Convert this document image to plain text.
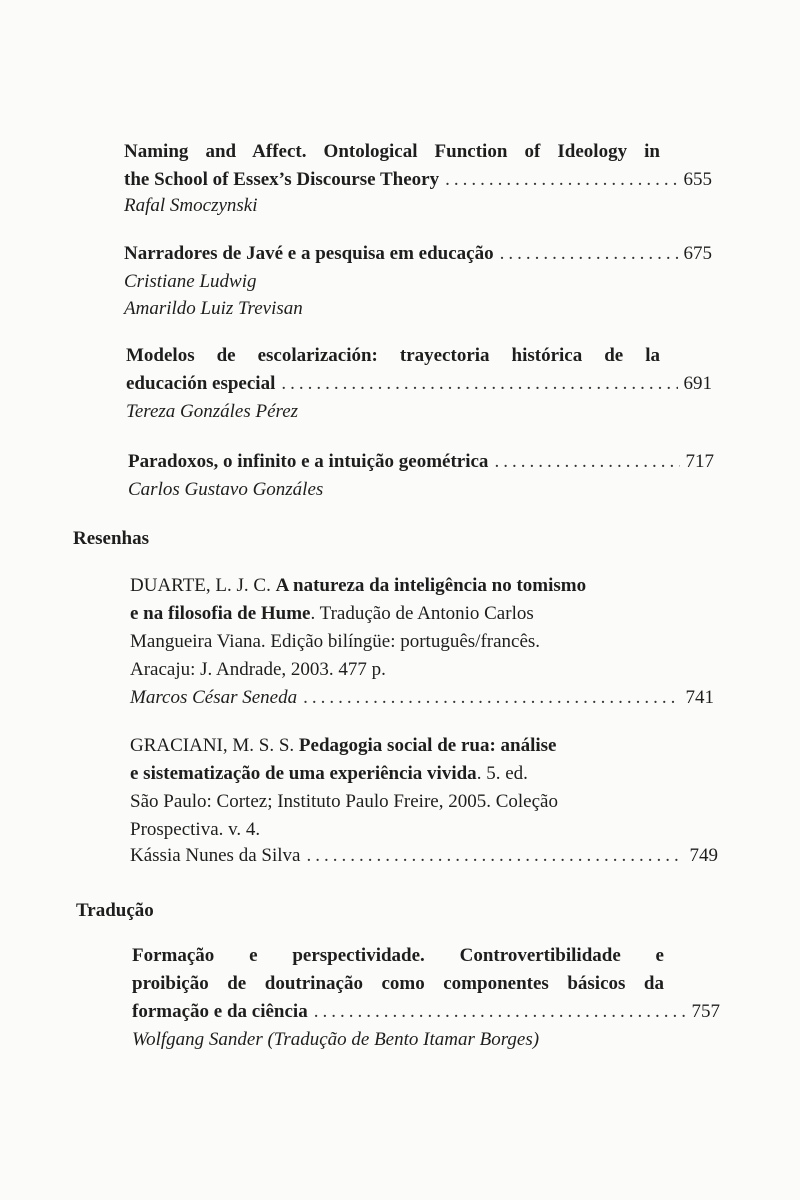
Naming and Affect. Ontological Function of Ideology in
the School of Essex’s Discourse Theory .....	655
Rafal Smoczynski
Narradores de Javé e a pesquisa em educação .....	675
Cristiane Ludwig
Amarildo Luiz Trevisan
Modelos de escolarización: trayectoria histórica de la
educación especial .....	691
Tereza Gonzáles Pérez
Paradoxos, o infinito e a intuição geométrica .....	717
Carlos Gustavo Gonzáles
Resenhas
DUARTE, L. J. C.
A natureza da inteligência no tomismo
e na filosofia de Hume . Tradução de Antonio Carlos
Mangueira Viana. Edição bilíngüe: português/francês.
Aracaju: J. Andrade, 2003. 477 p.
Marcos César Seneda .....	741
GRACIANI, M. S. S.
Pedagogia social de rua: análise
e sistematização de uma experiência vivida . 5. ed.
São Paulo: Cortez; Instituto Paulo Freire, 2005. Coleção
Prospectiva. v. 4.
Kássia Nunes da Silva .....	749
Tradução
Formação e perspectividade. Controvertibilidade e
proibição de doutrinação como componentes básicos da
formação e da ciência .....	757
Wolfgang Sander (Tradução de Bento Itamar Borges)
